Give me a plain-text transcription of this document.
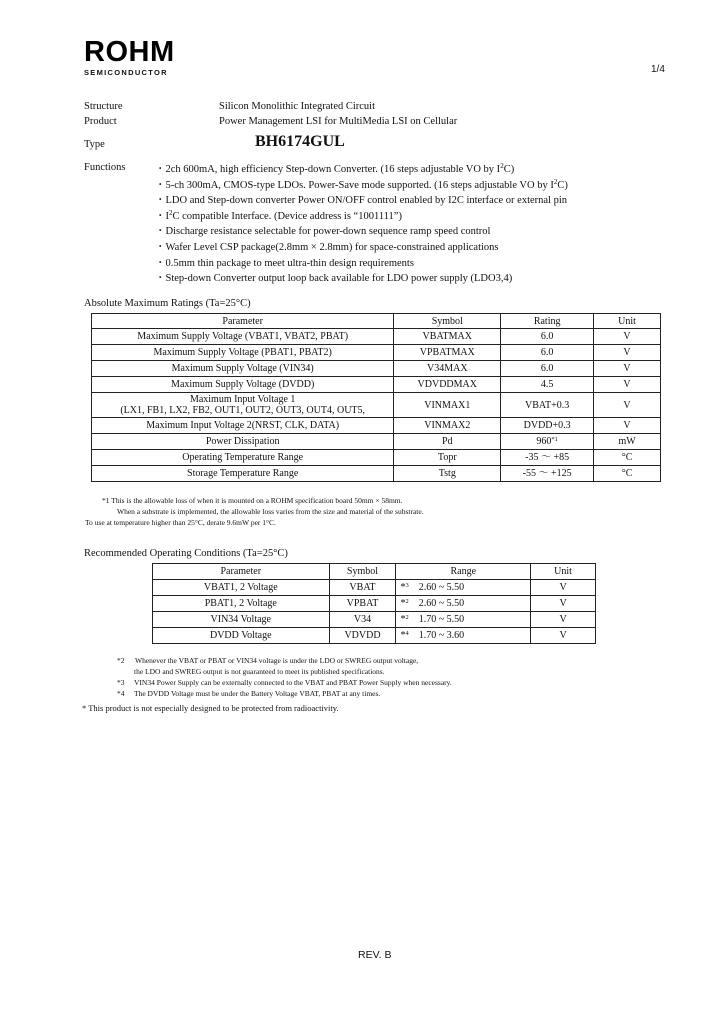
ROHM
SEMICONDUCTOR	1/4
Structure	Silicon Monolithic Integrated Circuit
Product	Power Management LSI for MultiMedia LSI on Cellular
Type	BH6174GUL
Functions	・2ch 600mA, high efficiency Step-down Converter. (16 steps adjustable VO by $I^2C$)
・5-ch 300mA, CMOS-type LDOs. Power-Save mode supported. (16 steps adjustable VO by $I^2C$)
・LDO and Step-down converter Power ON/OFF control enabled by I2C interface or external pin
・$I^2C$ compatible Interface. (Device address is “1001111”)
・Discharge resistance selectable for power-down sequence ramp speed control
・Wafer Level CSP package(2.8mm × 2.8mm) for space-constrained applications
・0.5mm thin package to meet ultra-thin design requirements
・Step-down Converter output loop back available for LDO power supply (LDO3,4)
Absolute Maximum Ratings (Ta=25°C)
Parameter	Symbol	Rating	Unit

Maximum Supply Voltage (VBAT1, VBAT2, PBAT)	VBATMAX	6.0	V

Maximum Supply Voltage (PBAT1, PBAT2)	VPBATMAX	6.0	V

Maximum Supply Voltage (VIN34)	V34MAX	6.0	V

Maximum Supply Voltage (DVDD)	VDVDDMAX	4.5	V

Maximum Input Voltage 1
(LX1, FB1, LX2, FB2, OUT1, OUT2, OUT3, OUT4, OUT5,	VINMAX1	VBAT+0.3	V

Maximum Input Voltage 2(NRST, CLK, DATA)	VINMAX2	DVDD+0.3	V

Power Dissipation	Pd	960$^{*1}$	mW

Operating Temperature Range	Topr	-35 ～ +85	°C

Storage Temperature Range	Tstg	-55 ～ +125	°C
*1 This is the allowable loss of when it is mounted on a ROHM specification board 50mm × 58mm.
When a substrate is implemented, the allowable loss varies from the size and material of the substrate.
To use at temperature higher than 25°C, derate 9.6mW per 1°C.
Recommended Operating Conditions (Ta=25°C)
Parameter	Symbol	Range	Unit
VBAT1, 2 Voltage	VBAT	*$^3$ 2.60 ~ 5.50	V
PBAT1, 2 Voltage	VPBAT	*$^2$ 2.60 ~ 5.50	V
VIN34 Voltage	V34	*$^2$ 1.70 ~ 5.50	V
DVDD Voltage	VDVDD	*$^4$ 1.70 ~ 3.60	V
*2 Whenever the VBAT or PBAT or VIN34 voltage is under the LDO or SWREG output voltage,
the LDO and SWREG output is not guaranteed to meet its published specifications.
*3 VIN34 Power Supply can be externally connected to the VBAT and PBAT Power Supply when necessary.
*4 The DVDD Voltage must be under the Battery Voltage VBAT, PBAT at any times.
* This product is not especially designed to be protected from radioactivity.
REV. B
